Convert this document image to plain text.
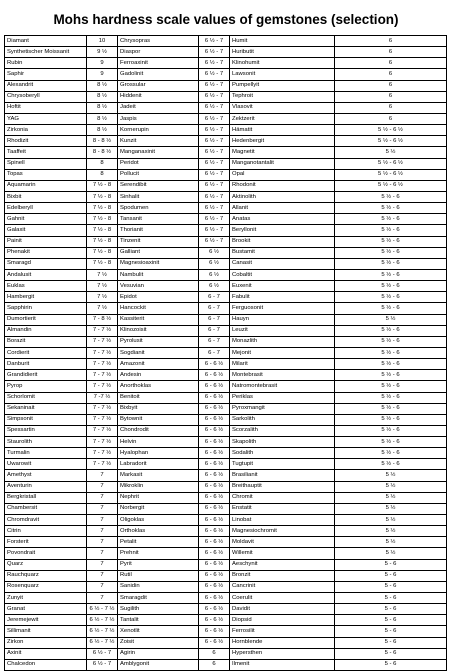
Mohs hardness scale values of gemstones (selection)
Diamant	10	Chrysopras	6 ½ - 7	Humit	6
Synthetischer Moissanit	9 ½	Diaspor	6 ½ - 7	Huributit	6
Rubin	9	Ferroaxinit	6 ½ - 7	Klinohumit	6
Saphir	9	Gadolinit	6 ½ - 7	Lawsonit	6
Alexandrit	8 ½	Grossular	6 ½ - 7	Pumpellyit	6
Chrysoberyll	8 ½	Hiddenit	6 ½ - 7	Tephroit	6
Hoftit	8 ½	Jadeit	6 ½ - 7	Vlasovit	6
YAG	8 ½	Jaspis	6 ½ - 7	Zektzerit	6
Zirkonia	8 ½	Kornerupin	6 ½ - 7	Hämatit	5 ½ - 6 ½
Rhodizit	8 - 8 ½	Kunzit	6 ½ - 7	Hedenbergit	5 ½ - 6 ½
Taaffeit	8 - 8 ½	Manganaxinit	6 ½ - 7	Magnetit	5 ½
Spinell	8	Peridot	6 ½ - 7	Manganotantalit	5 ½ - 6 ½
Topas	8	Pollucit	6 ½ - 7	Opal	5 ½ - 6 ½
Aquamarin	7 ½ - 8	Serendibit	6 ½ - 7	Rhodonit	5 ½ - 6 ½
Bixbit	7 ½ - 8	Sinhalit	6 ½ - 7	Aktinolith	5 ½ - 6
Edelberyll	7 ½ - 8	Spodumen	6 ½ - 7	Allanit	5 ½ - 6
Gahnit	7 ½ - 8	Tansanit	6 ½ - 7	Anatas	5 ½ - 6
Galaxit	7 ½ - 8	Thorianit	6 ½ - 7	Beryllonit	5 ½ - 6
Painit	7 ½ - 8	Tinzenit	6 ½ - 7	Brookit	5 ½ - 6
Phenakit	7 ½ - 8	Galliant	6 ½	Bustamit	5 ½ - 6
Smaragd	7 ½ - 8	Magnesioaxinit	6 ½	Canasit	5 ½ - 6
Andalusit	7 ½	Nambulit	6 ½	Cobaltit	5 ½ - 6
Euklas	7 ½	Vesuvian	6 ½	Euxenit	5 ½ - 6
Hambergit	7 ½	Epidot	6 - 7	Fabulit	5 ½ - 6
Sapphirin	7 ½	Hancockit	6 - 7	Ferguosonit	5 ½ - 6
Dumortierit	7 - 8 ½	Kassiterit	6 - 7	Hauyn	5 ½
Almandin	7 - 7 ½	Klinozoisit	6 - 7	Leuzit	5 ½ - 6
Borazit	7 - 7 ½	Pyrolusit	6 - 7	Monazlith	5 ½ - 6
Cordierit	7 - 7 ½	Sogdianit	6 - 7	Mejonit	5 ½ - 6
Danburit	7 - 7 ½	Amazonit	6 - 6 ½	Milarit	5 ½ - 6
Grandidierit	7 - 7 ½	Andesin	6 - 6 ½	Montebrasit	5 ½ - 6
Pyrop	7 - 7 ½	Anorthoklas	6 - 6 ½	Natromontebrasit	5 ½ - 6
Schorlomit	7 -7 ½	Benitoit	6 - 6 ½	Periklas	5 ½ - 6
Sekaninait	7 - 7 ½	Bixbyit	6 - 6 ½	Pyroxmangit	5 ½ - 6
Simpsonit	7 - 7 ½	Bytownit	6 - 6 ½	Sarkolith	5 ½ - 6
Spessartin	7 - 7 ½	Chondrodit	6 - 6 ½	Scorzalith	5 ½ - 6
Staurolith	7 - 7 ½	Helvin	6 - 6 ½	Skapolith	5 ½ - 6
Turmalin	7 - 7 ½	Hyalophan	6 - 6 ½	Sodalith	5 ½ - 6
Uwarowit	7 - 7 ½	Labradorit	6 - 6 ½	Tugtupit	5 ½ - 6
Amethyst	7	Markasit	6 - 6 ½	Brasilianit	5 ½
Aventurin	7	Mikroklin	6 - 6 ½	Breithauptit	5 ½
Bergkristall	7	Nephrit	6 - 6 ½	Chromit	5 ½
Chambersit	7	Norbergit	6 - 6 ½	Enstatit	5 ½
Chromdravit	7	Oligoklas	6 - 6 ½	Linobat	5 ½
Citrin	7	Orthoklas	6 - 6 ½	Magnesiochromit	5 ½
Forsterit	7	Petalit	6 - 6 ½	Moldavit	5 ½
Povondrait	7	Prehnit	6 - 6 ½	Willemit	5 ½
Quarz	7	Pyrit	6 - 6 ½	Aeschynit	5 - 6
Rauchquarz	7	Rutil	6 - 6 ½	Bronzit	5 - 6
Rosenquarz	7	Sanidin	6 - 6 ½	Cancrinit	5 - 6
Zunyit	7	Smaragdit	6 - 6 ½	Coerulit	5 - 6
Granat	6 ½ - 7 ½	Sugilith	6 - 6 ½	Davidit	5 - 6
Jeremejewit	6 ½ - 7 ½	Tantalit	6 - 6 ½	Diopsid	5 - 6
Sillimanit	6 ½ - 7 ½	Xenotlit	6 - 6 ½	Ferrosilit	5 - 6
Zirkon	6 ½ - 7 ½	Zoisit	6 - 6 ½	Hornblende	5 - 6
Axinit	6 ½ - 7	Agirin	6	Hypersthen	5 - 6
Chalcedon	6 ½ - 7	Amblygonit	6	Ilmenit	5 - 6
